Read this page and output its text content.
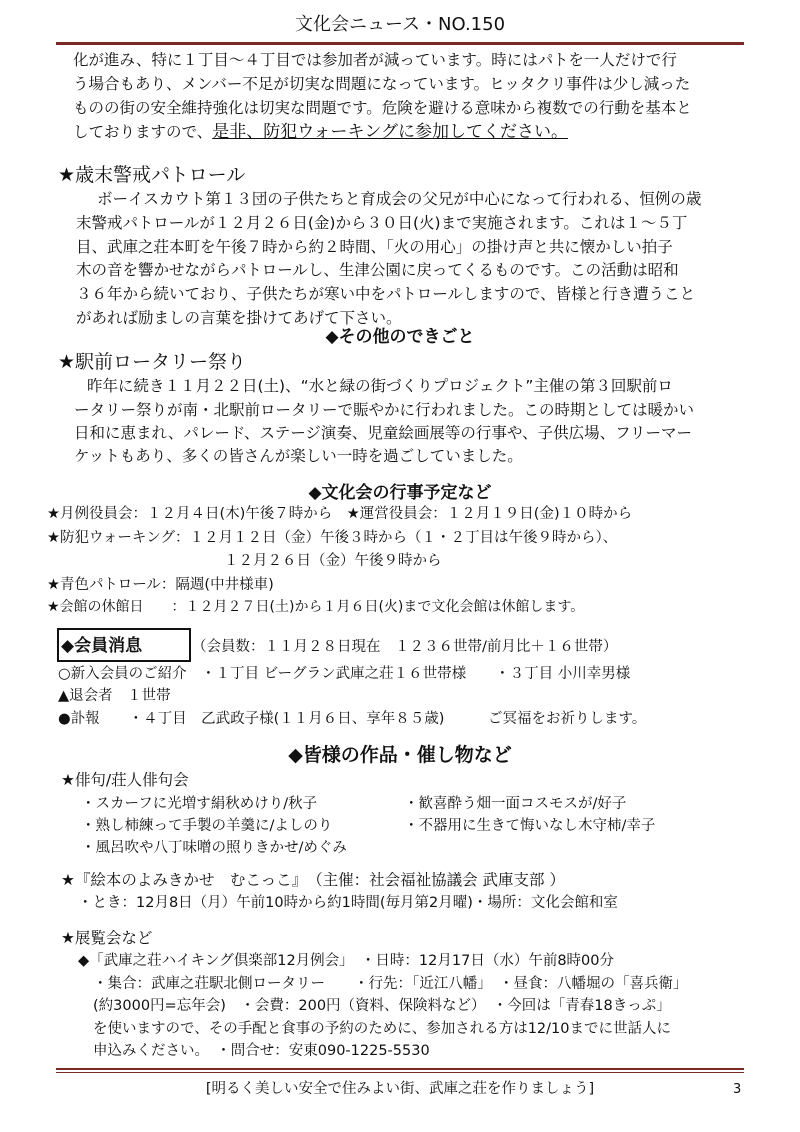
文化会ニュース・NO.150
化が進み、特に１丁目～４丁目では参加者が減っています。時にはパトを一人だけで行
う場合もあり、メンバー不足が切実な問題になっています。ヒッタクリ事件は少し減った
ものの街の安全維持強化は切実な問題です。危険を避ける意味から複数での行動を基本と
しておりますので、是非、防犯ウォーキングに参加してください。
★歳末警戒パトロール
ボーイスカウト第１３団の子供たちと育成会の父兄が中心になって行われる、恒例の歳
末警戒パトロールが１２月２６日(金)から３０日(火)まで実施されます。これは１～５丁
目、武庫之荘本町を午後７時から約２時間、「火の用心」の掛け声と共に懐かしい拍子
木の音を響かせながらパトロールし、生津公園に戻ってくるものです。この活動は昭和
３６年から続いており、子供たちが寒い中をパトロールしますので、皆様と行き遭うこと
があれば励ましの言葉を掛けてあげて下さい。
◆その他のできごと
★駅前ロータリー祭り
昨年に続き１１月２２日(土)、“水と緑の街づくりプロジェクト”主催の第３回駅前ロ
ータリー祭りが南・北駅前ロータリーで賑やかに行われました。この時期としては暖かい
日和に恵まれ、パレード、ステージ演奏、児童絵画展等の行事や、子供広場、フリーマー
ケットもあり、多くの皆さんが楽しい一時を過ごしていました。
◆文化会の行事予定など
★月例役員会：１２月４日(木)午後７時から　★運営役員会：１２月１９日(金)１０時から
★防犯ウォーキング：１２月１２日（金）午後３時から（１・２丁目は午後９時から）、
１２月２６日（金）午後９時から
★青色パトロール：隔週(中井様車)
★会館の休館日　　：１２月２７日(土)から１月６日(火)まで文化会館は休館します。
◆会員消息	（会員数：１１月２８日現在　１２３６世帯/前月比＋１６世帯）
○新入会員のご紹介　・１丁目 ビーグラン武庫之荘１６世帯様　　・３丁目 小川幸男様
▲退会者　１世帯
●訃報　　・４丁目　乙武政子様(１１月６日、享年８５歳)　　　ご冥福をお祈りします。
◆皆様の作品・催し物など
★俳句/荘人俳句会
・スカーフに光増す絹秋めけり/秋子	・歓喜酔う畑一面コスモスが/好子
・熟し柿練って手製の羊羹に/よしのり	・不器用に生きて悔いなし木守柿/幸子
・風呂吹や八丁味噌の照りきかせ/めぐみ
★『絵本のよみきかせ　むこっこ』　（主催：社会福祉協議会 武庫支部 ）
・とき：12月8日（月）午前10時から約1時間(毎月第2月曜)・場所：文化会館和室
★展覧会など
◆「武庫之荘ハイキング倶楽部12月例会」　・日時：12月17日（水）午前8時00分
・集合：武庫之荘駅北側ロータリー　　・行先：「近江八幡」　・昼食：八幡堀の「喜兵衛」
(約3000円=忘年会)　・会費：200円（資料、保険料など）　・今回は「青春18きっぷ」
を使いますので、その手配と食事の予約のために、参加される方は12/10までに世話人に
申込みください。　・問合せ：安東090-1225-5530
[明るく美しい安全で住みよい街、武庫之荘を作りましょう]	3
